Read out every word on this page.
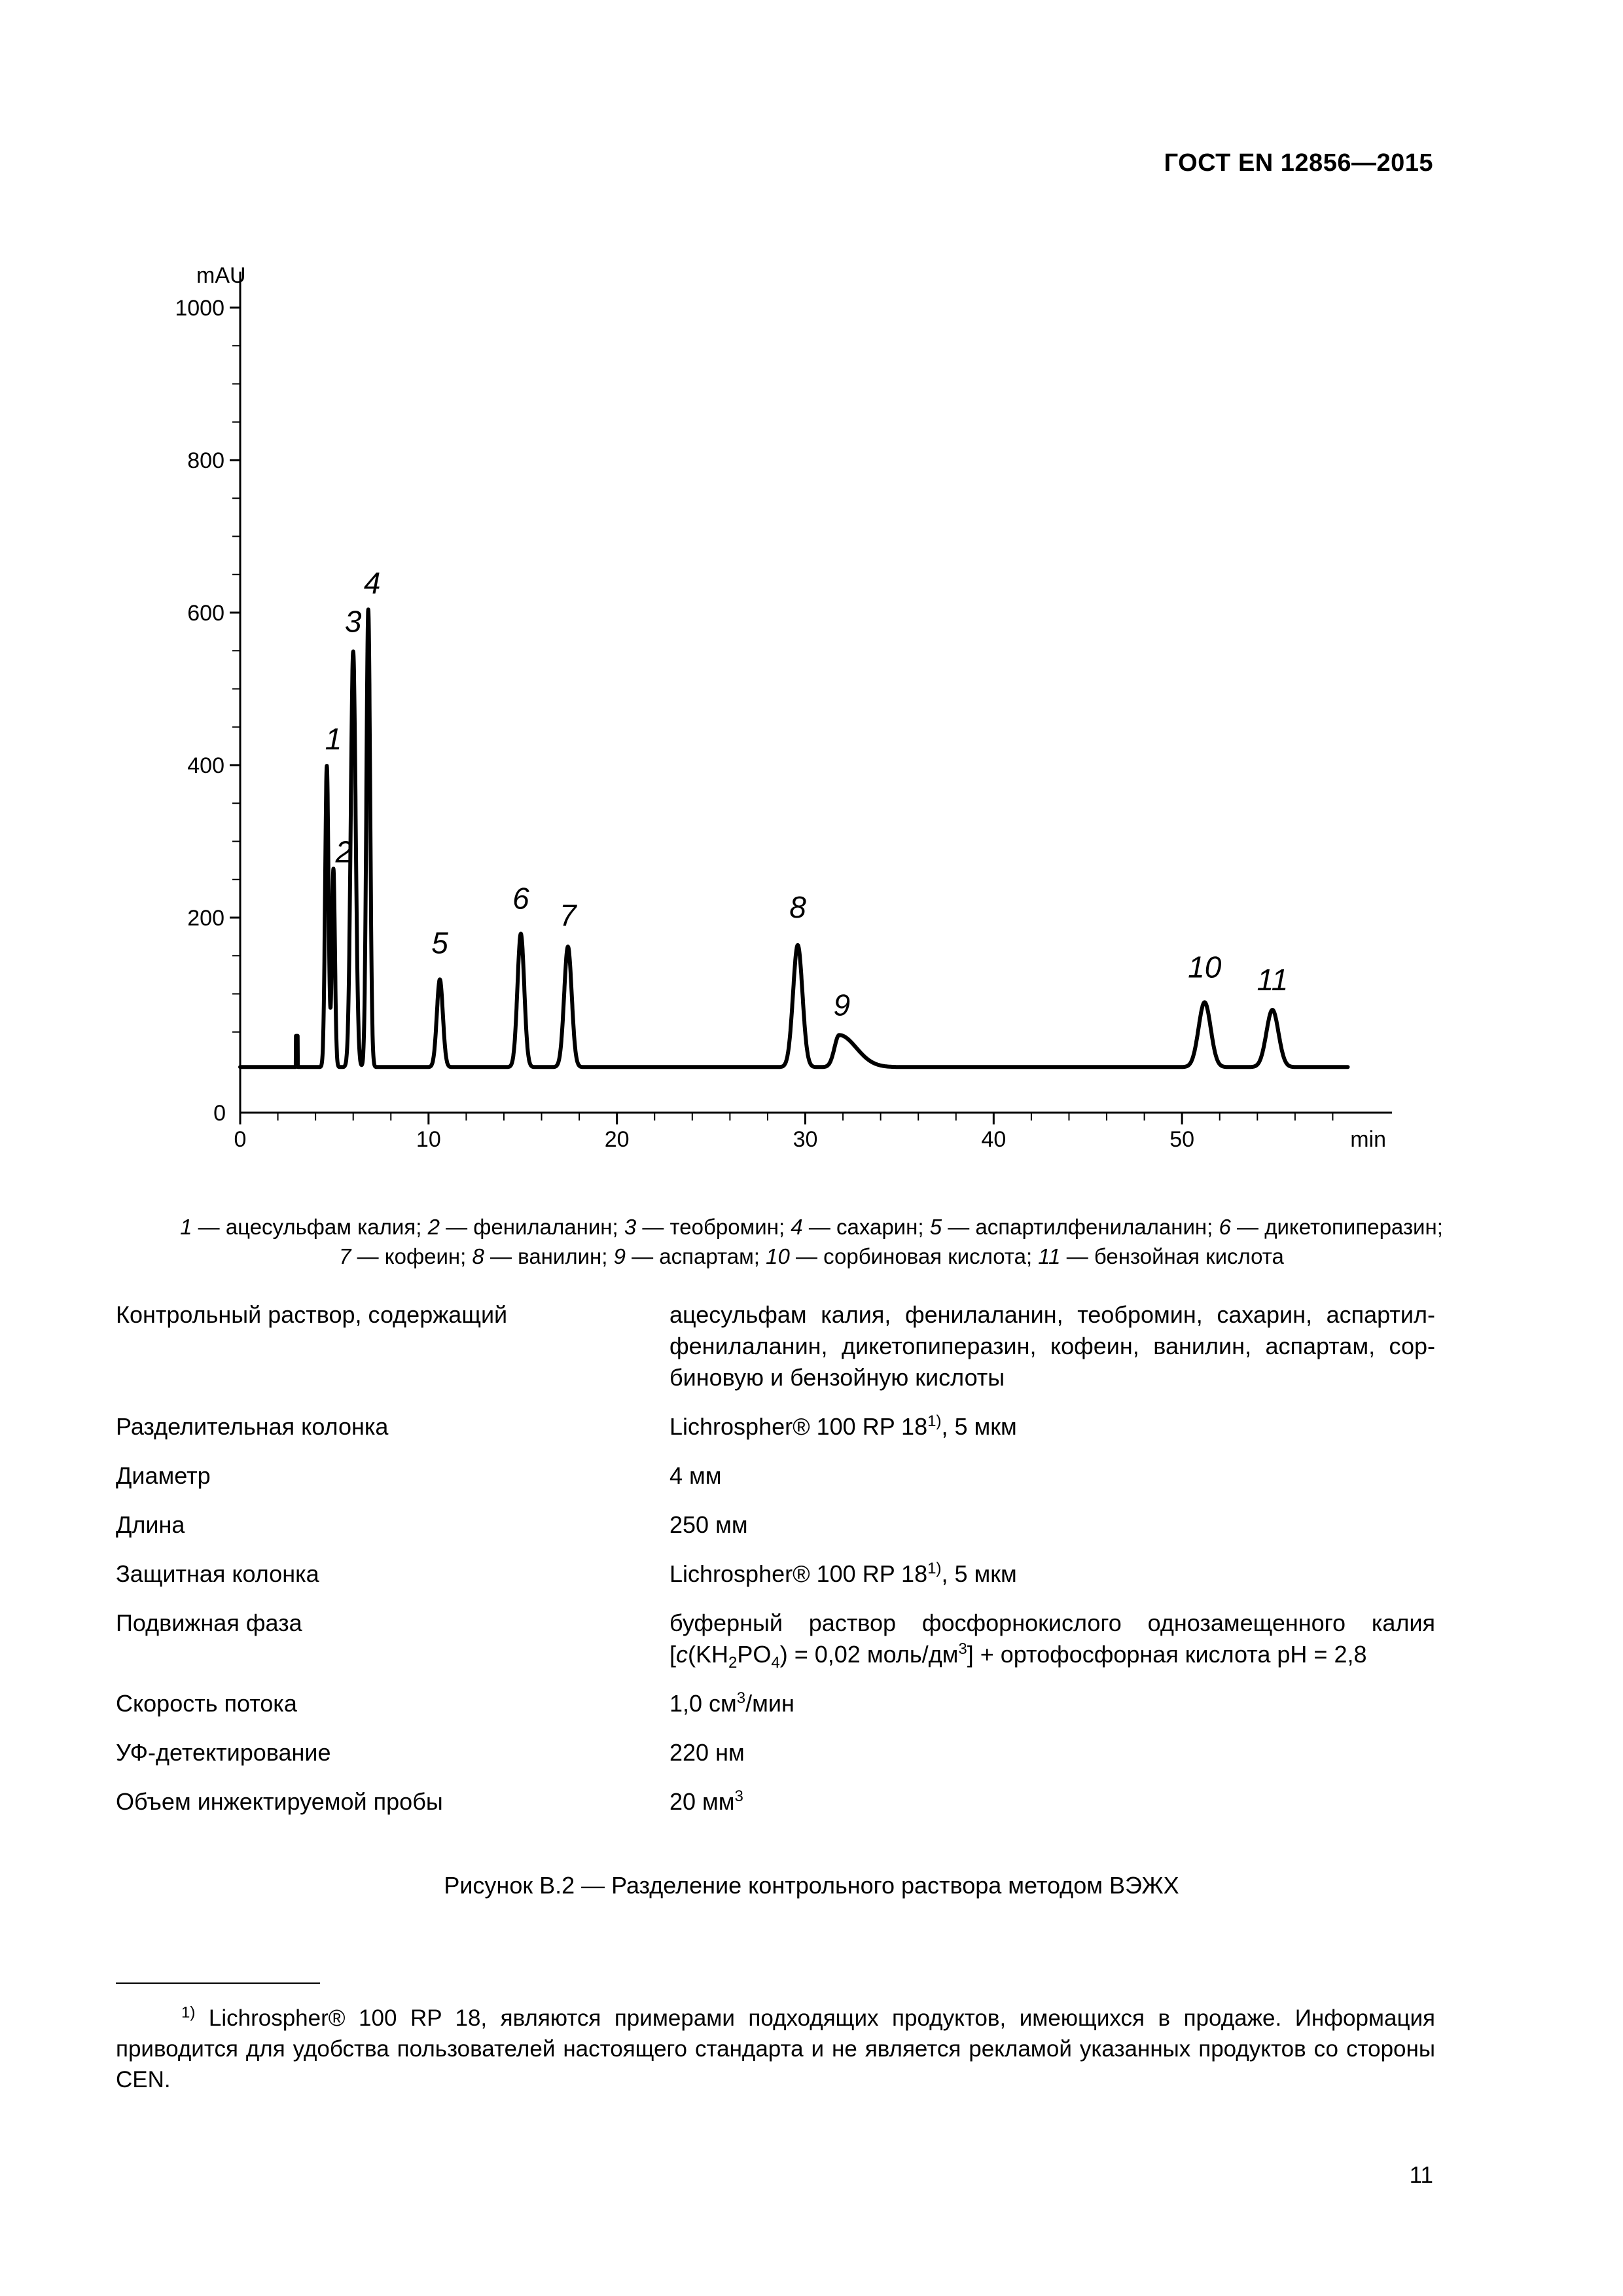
ГОСТ EN 12856—2015
mAU
0
200
400
600
800
1000
0	10	20	30	40	50	min
1
2
3
4
5
6 7	8
9
10 11
1 — ацесульфам калия; 2 — фенилаланин; 3 — теобромин; 4 — сахарин; 5 — аспартилфенилаланин; 6 — дикетопиперазин;
7 — кофеин; 8 — ванилин; 9 — аспартам; 10 — сорбиновая кислота; 11 — бензойная кислота
Контрольный раствор, содержащий	ацесульфам калия, фенилаланин, теобромин, сахарин, аспартилфенилаланин, дикетопиперазин, кофеин, ванилин, аспартам, сорбиновую и бензойную кислоты
Разделительная колонка	Lichrospher® 100 RP 18$^{1)}$, 5 мкм
Диаметр	4 мм
Длина	250 мм
Защитная колонка	Lichrospher® 100 RP 18$^{1)}$, 5 мкм
Подвижная фаза	буферный раствор фосфорнокислого однозамещенного калия
[$c(KH_2PO_4) = 0,02$ моль/$дм^3$] + ортофосфорная кислота pH = 2,8
Скорость потока	1,0 $см^3$/мин
УФ-детектирование	220 нм
Объем инжектируемой пробы	20 $мм^3$
Рисунок В.2 — Разделение контрольного раствора методом ВЭЖХ
$^{1)}$ Lichrospher® 100 RP 18, являются примерами подходящих продуктов, имеющихся в продаже. Информация приводится для удобства пользователей настоящего стандарта и не является рекламой указанных продуктов со стороны CEN.
11
